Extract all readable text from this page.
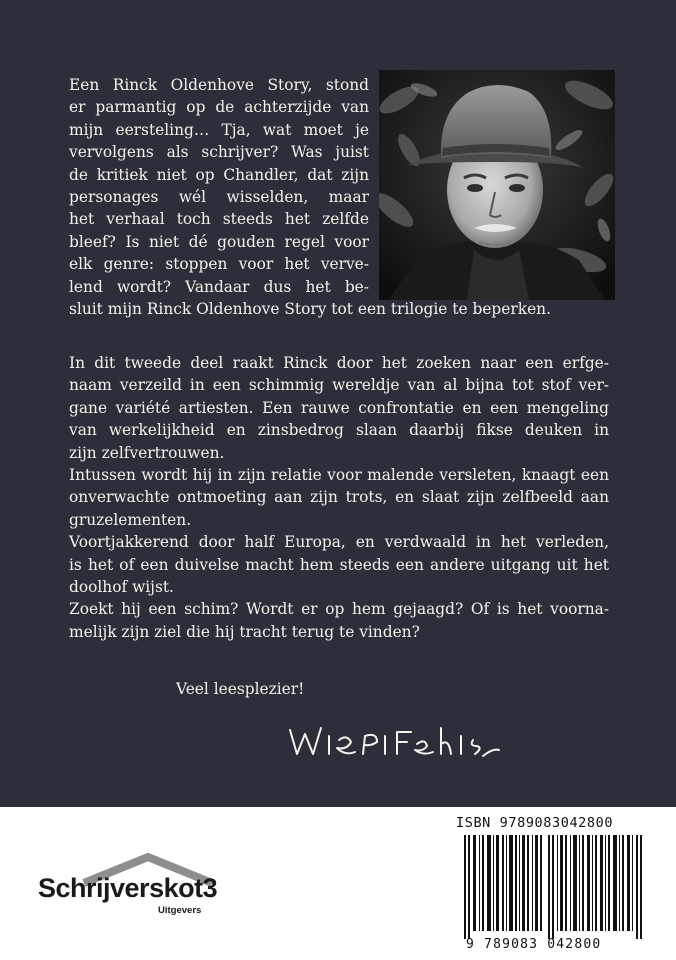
Een Rinck Oldenhove Story, stond
er parmantig op de achterzijde van
mijn eersteling… Tja, wat moet je
vervolgens als schrijver? Was juist
de kritiek niet op Chandler, dat zijn
personages wél wisselden, maar
het verhaal toch steeds het zelfde
bleef? Is niet dé gouden regel voor
elk genre: stoppen voor het verve-
lend wordt? Vandaar dus het be-
sluit mijn Rinck Oldenhove Story tot een trilogie te beperken.
In dit tweede deel raakt Rinck door het zoeken naar een erfge-
naam verzeild in een schimmig wereldje van al bijna tot stof ver-
gane variété artiesten. Een rauwe confrontatie en een mengeling
van werkelijkheid en zinsbedrog slaan daarbij fikse deuken in
zijn zelfvertrouwen.
Intussen wordt hij in zijn relatie voor malende versleten, knaagt een
onverwachte ontmoeting aan zijn trots, en slaat zijn zelfbeeld aan
gruzelementen.
Voortjakkerend door half Europa, en verdwaald in het verleden,
is het of een duivelse macht hem steeds een andere uitgang uit het
doolhof wijst.
Zoekt hij een schim? Wordt er op hem gejaagd? Of is het voorna-
melijk zijn ziel die hij tracht terug te vinden?

Veel leesplezier!

Schrijverskot3
Uitgevers
ISBN 9789083042800
9 789083 042800
